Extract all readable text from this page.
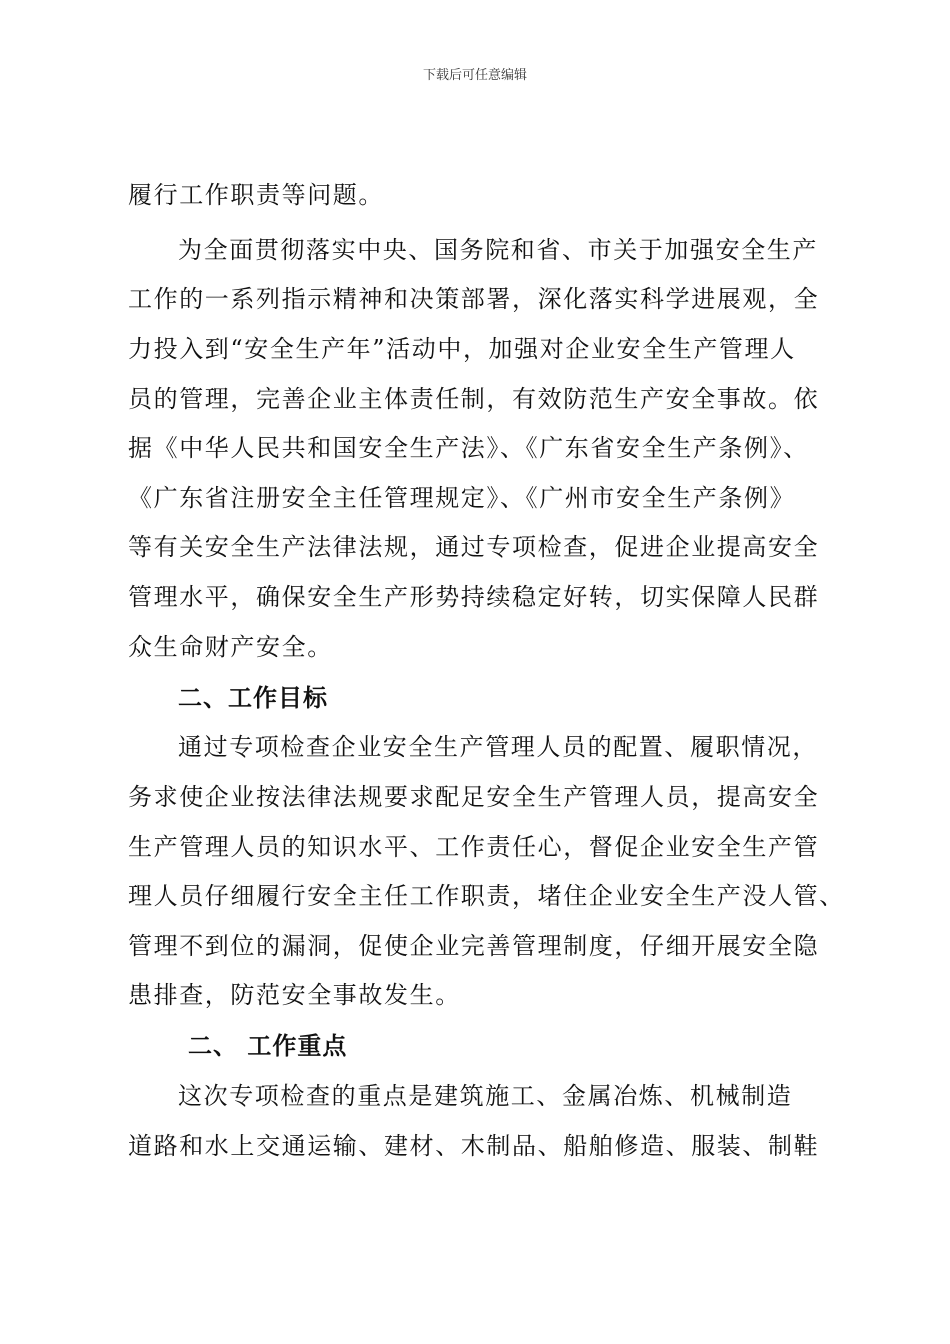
下载后可任意编辑
履行工作职责等问题。
为全面贯彻落实中央、国务院和省、市关于加强安全生产
工作的一系列指示精神和决策部署，深化落实科学进展观，全
力投入到“安全生产年”活动中，加强对企业安全生产管理人
员的管理，完善企业主体责任制，有效防范生产安全事故。依
据《中华人民共和国安全生产法》、《广东省安全生产条例》、
《广东省注册安全主任管理规定》、《广州市安全生产条例》
等有关安全生产法律法规，通过专项检查，促进企业提高安全
管理水平，确保安全生产形势持续稳定好转，切实保障人民群
众生命财产安全。
二、工作目标
通过专项检查企业安全生产管理人员的配置、履职情况，
务求使企业按法律法规要求配足安全生产管理人员，提高安全
生产管理人员的知识水平、工作责任心，督促企业安全生产管
理人员仔细履行安全主任工作职责，堵住企业安全生产没人管、
管理不到位的漏洞，促使企业完善管理制度，仔细开展安全隐
患排查，防范安全事故发生。
二、 工作重点
这次专项检查的重点是建筑施工、金属冶炼、机械制造
道路和水上交通运输、建材、木制品、船舶修造、服装、制鞋
